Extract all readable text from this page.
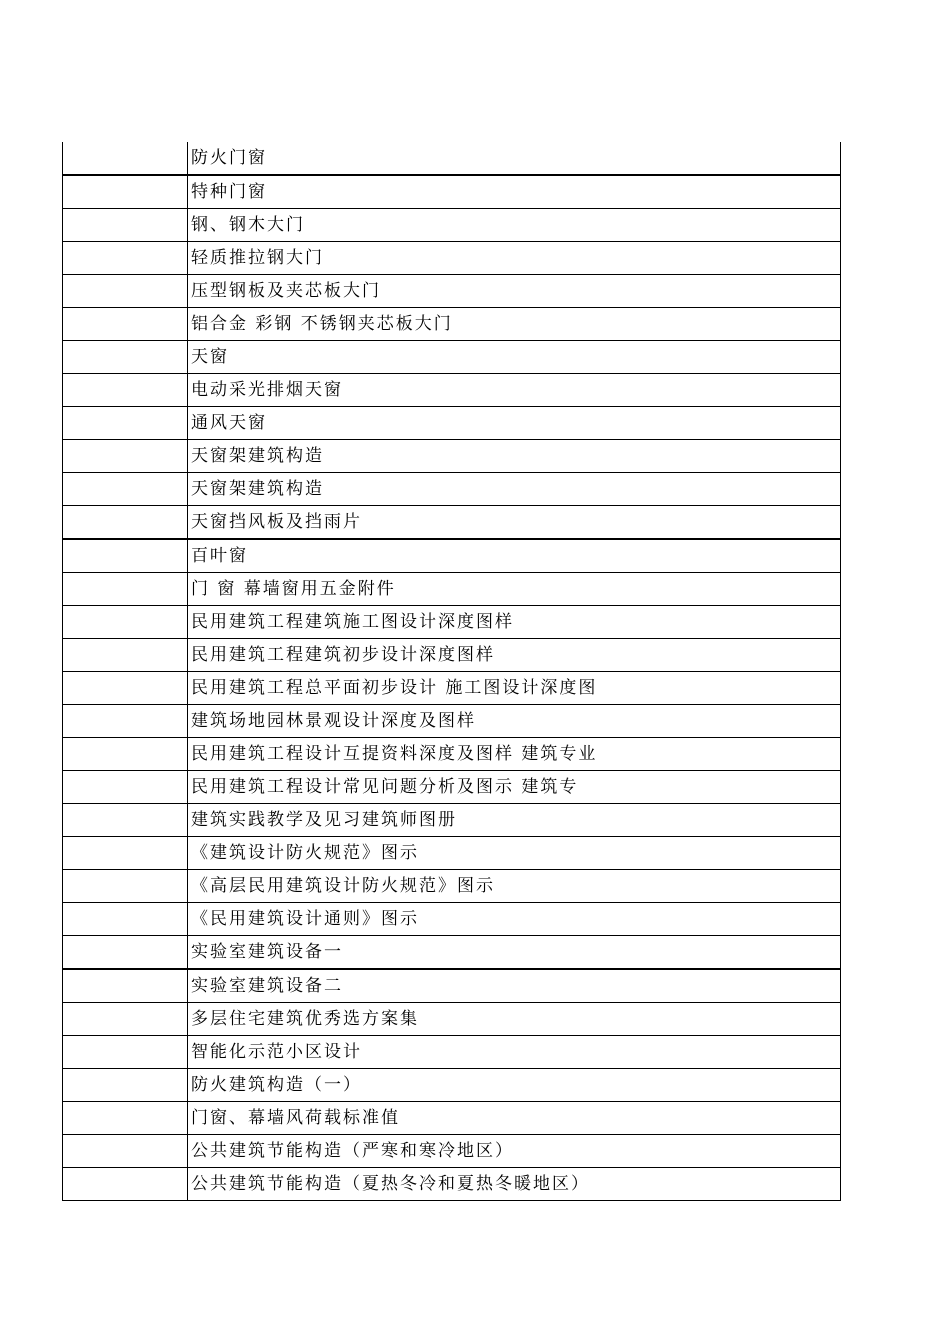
	防火门窗
	特种门窗
	钢、钢木大门
	轻质推拉钢大门
	压型钢板及夹芯板大门
	铝合金 彩钢 不锈钢夹芯板大门
	天窗
	电动采光排烟天窗
	通风天窗
	天窗架建筑构造
	天窗架建筑构造
	天窗挡风板及挡雨片
	百叶窗
	门 窗 幕墙窗用五金附件
	民用建筑工程建筑施工图设计深度图样
	民用建筑工程建筑初步设计深度图样
	民用建筑工程总平面初步设计 施工图设计深度图
	建筑场地园林景观设计深度及图样
	民用建筑工程设计互提资料深度及图样 建筑专业
	民用建筑工程设计常见问题分析及图示 建筑专
	建筑实践教学及见习建筑师图册
	《建筑设计防火规范》图示
	《高层民用建筑设计防火规范》图示
	《民用建筑设计通则》图示
	实验室建筑设备一
	实验室建筑设备二
	多层住宅建筑优秀选方案集
	智能化示范小区设计
	防火建筑构造（一）
	门窗、幕墙风荷载标准值
	公共建筑节能构造（严寒和寒冷地区）
	公共建筑节能构造（夏热冬冷和夏热冬暖地区）
